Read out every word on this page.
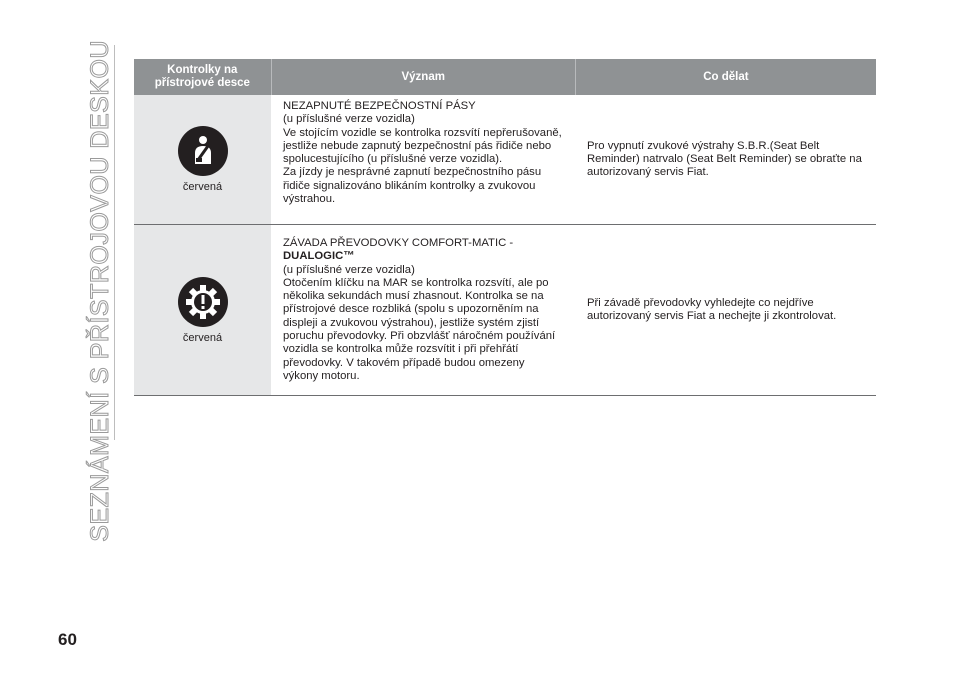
SEZNÁMENÍ S PŘÍSTROJOVOU DESKOU	Kontrolky na
přístrojové desce
Význam	Co dělat
červená
NEZAPNUTÉ BEZPEČNOSTNÍ PÁSY
(u příslušné verze vozidla)
Ve stojícím vozidle se kontrolka rozsvítí nepřerušovaně,
jestliže nebude zapnutý bezpečnostní pás řidiče nebo
spolucestujícího (u příslušné verze vozidla).
Za jízdy je nesprávné zapnutí bezpečnostního pásu
řidiče signalizováno blikáním kontrolky a zvukovou
výstrahou.
Pro vypnutí zvukové výstrahy S.B.R.(Seat Belt
Reminder) natrvalo (Seat Belt Reminder) se obraťte na
autorizovaný servis Fiat.
červená
ZÁVADA PŘEVODOVKY COMFORT-MATIC -
DUALOGIC™
(u příslušné verze vozidla)
Otočením klíčku na MAR se kontrolka rozsvítí, ale po
několika sekundách musí zhasnout. Kontrolka se na
přístrojové desce rozbliká (spolu s upozorněním na
displeji a zvukovou výstrahou), jestliže systém zjistí
poruchu převodovky. Při obzvlášť náročném používání
vozidla se kontrolka může rozsvítit i při přehřátí
převodovky. V takovém případě budou omezeny
výkony motoru.
Při závadě převodovky vyhledejte co nejdříve
autorizovaný servis Fiat a nechejte ji zkontrolovat.
60
